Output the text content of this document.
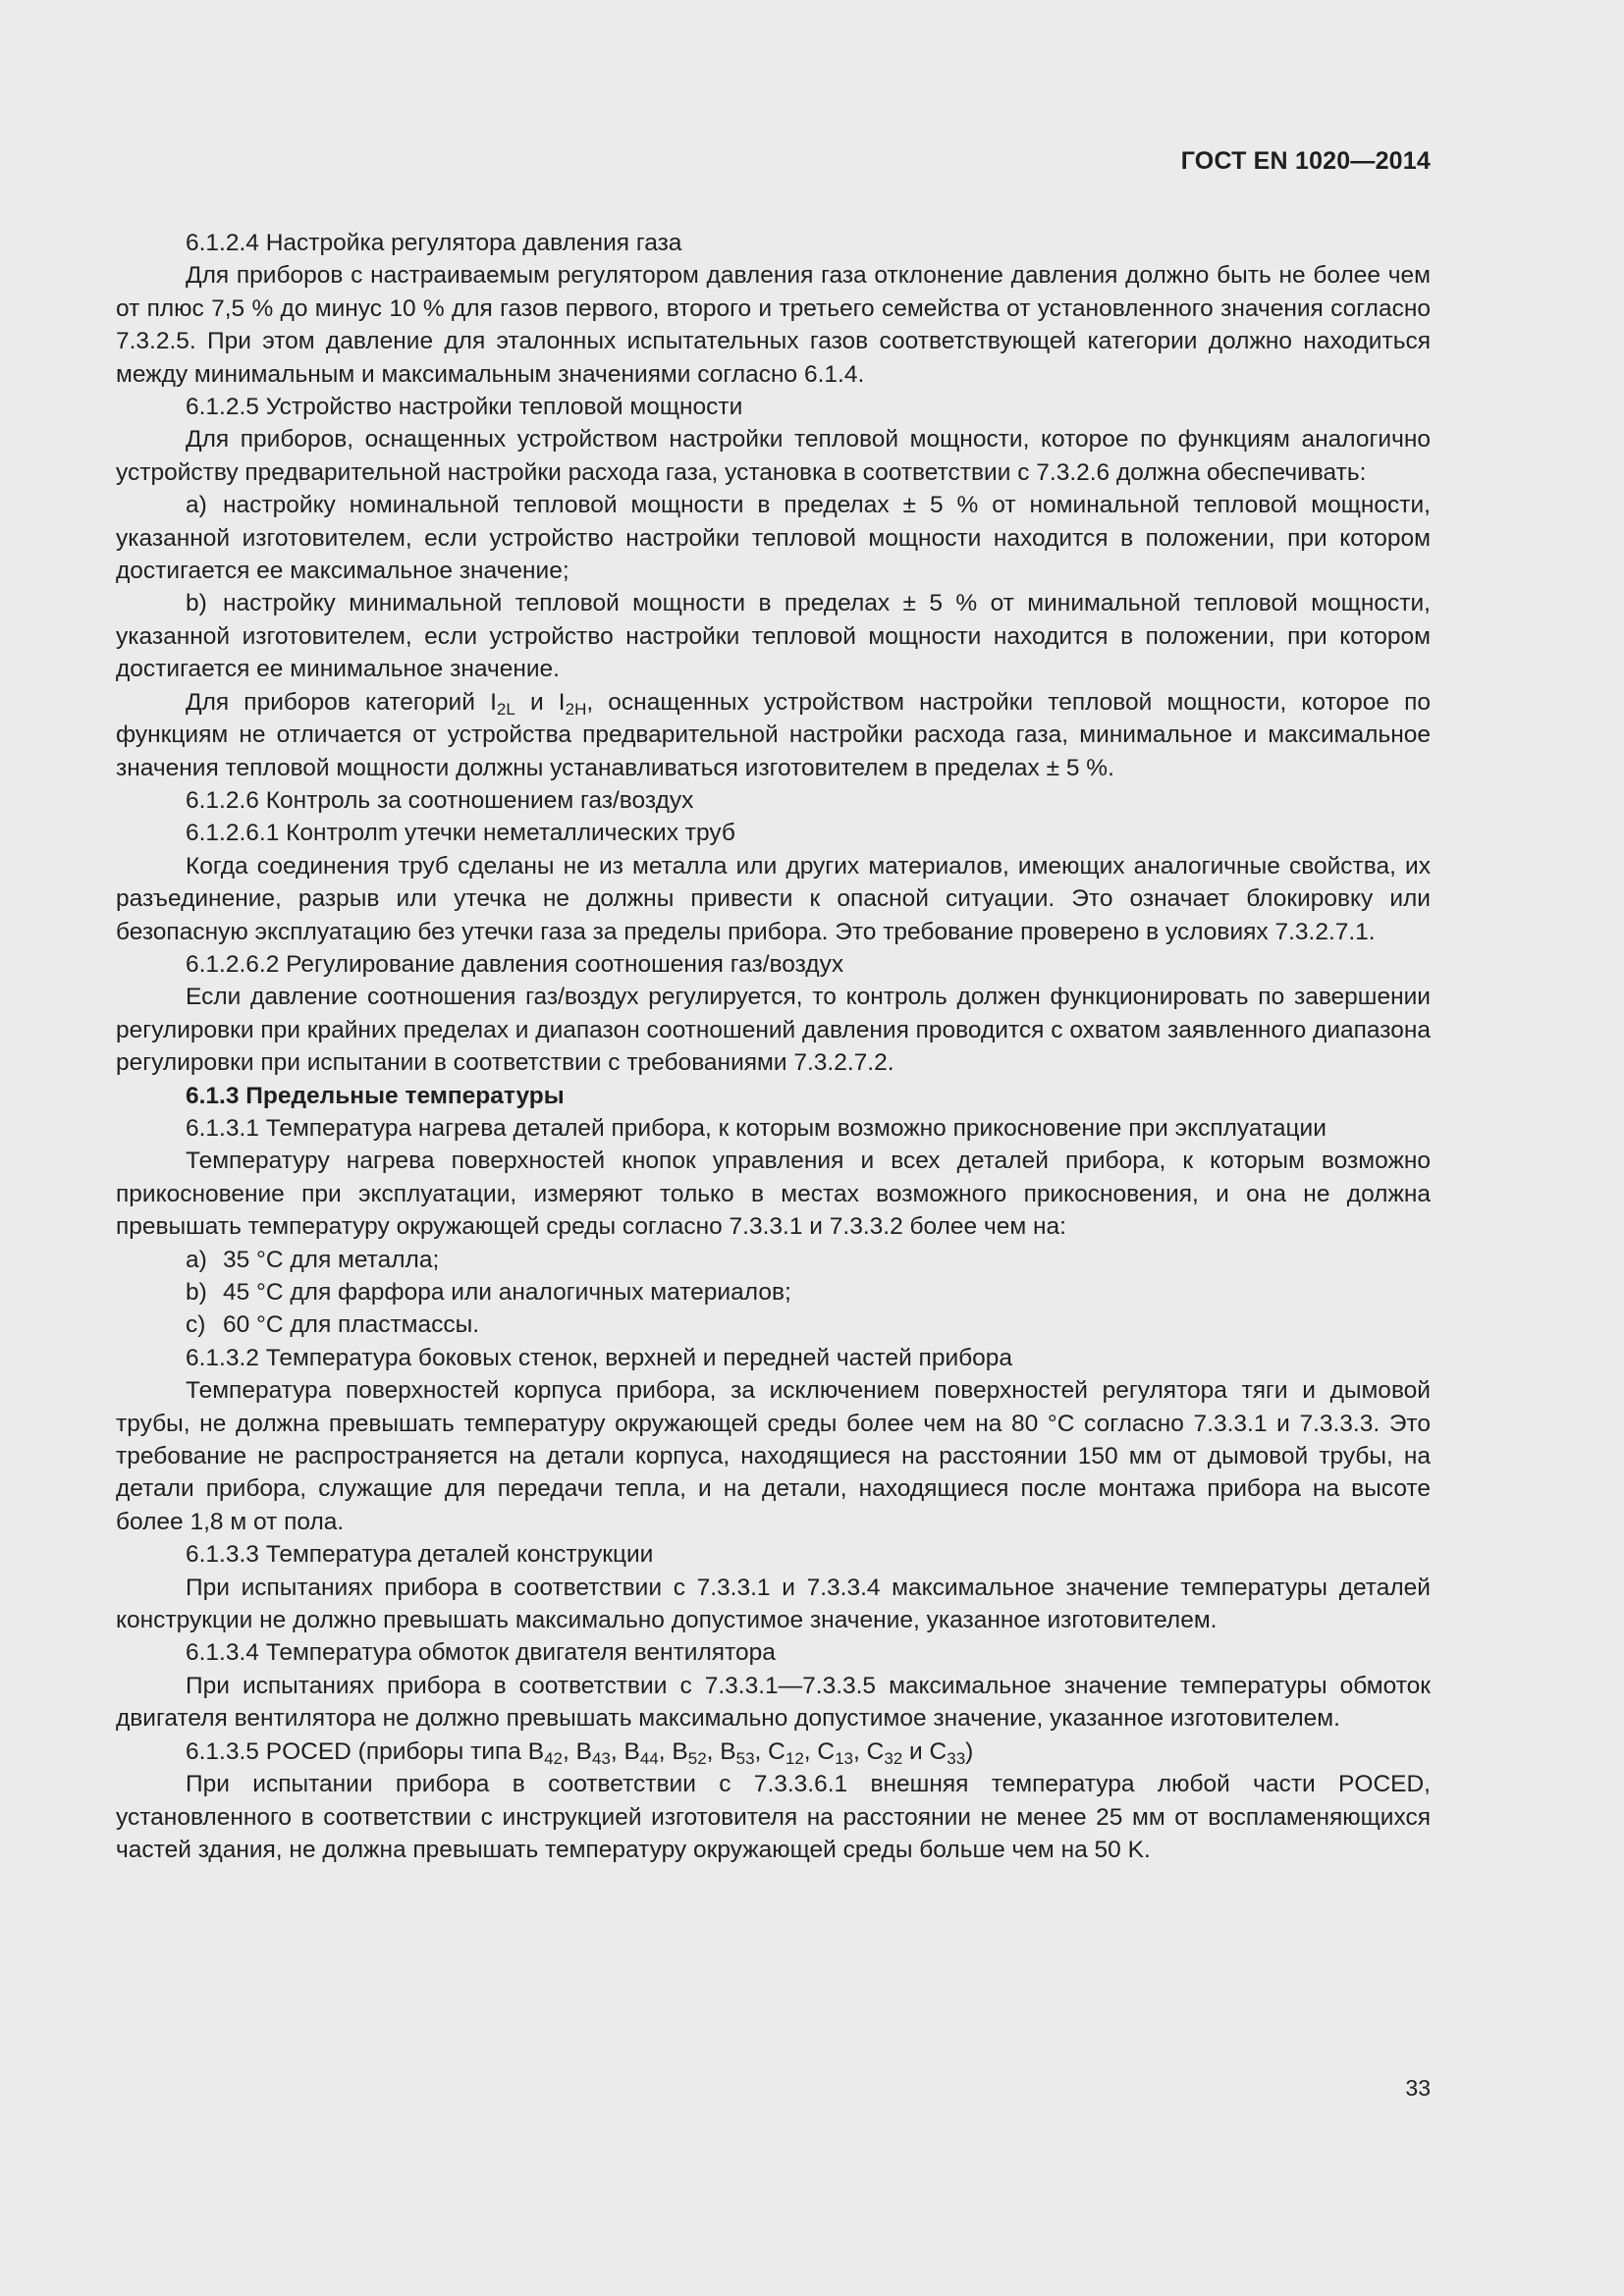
ГОСТ EN 1020—2014

6.1.2.4 Настройка регулятора давления газа

Для приборов с настраиваемым регулятором давления газа отклонение давления должно быть не более чем от плюс 7,5 % до минус 10 % для газов первого, второго и третьего семейства от установленного значения согласно 7.3.2.5. При этом давление для эталонных испытательных газов соответствующей категории должно находиться между минимальным и максимальным значениями согласно 6.1.4.

6.1.2.5 Устройство настройки тепловой мощности

Для приборов, оснащенных устройством настройки тепловой мощности, которое по функциям аналогично устройству предварительной настройки расхода газа, установка в соответствии с 7.3.2.6 должна обеспечивать:

a) настройку номинальной тепловой мощности в пределах ± 5 % от номинальной тепловой мощности, указанной изготовителем, если устройство настройки тепловой мощности находится в положении, при котором достигается ее максимальное значение;

b) настройку минимальной тепловой мощности в пределах ± 5 % от минимальной тепловой мощности, указанной изготовителем, если устройство настройки тепловой мощности находится в положении, при котором достигается ее минимальное значение.

Для приборов категорий $I_{2L}$ и $I_{2H}$, оснащенных устройством настройки тепловой мощности, которое по функциям не отличается от устройства предварительной настройки расхода газа, минимальное и максимальное значения тепловой мощности должны устанавливаться изготовителем в пределах ± 5 %.

6.1.2.6 Контроль за соотношением газ/воздух

6.1.2.6.1 Контролm утечки неметаллических труб

Когда соединения труб сделаны не из металла или других материалов, имеющих аналогичные свойства, их разъединение, разрыв или утечка не должны привести к опасной ситуации. Это означает блокировку или безопасную эксплуатацию без утечки газа за пределы прибора. Это требование проверено в условиях 7.3.2.7.1.

6.1.2.6.2 Регулирование давления соотношения газ/воздух

Если давление соотношения газ/воздух регулируется, то контроль должен функционировать по завершении регулировки при крайних пределах и диапазон соотношений давления проводится с охватом заявленного диапазона регулировки при испытании в соответствии с требованиями 7.3.2.7.2.

6.1.3 Предельные температуры

6.1.3.1 Температура нагрева деталей прибора, к которым возможно прикосновение при эксплуатации

Температуру нагрева поверхностей кнопок управления и всех деталей прибора, к которым возможно прикосновение при эксплуатации, измеряют только в местах возможного прикосновения, и она не должна превышать температуру окружающей среды согласно 7.3.3.1 и 7.3.3.2 более чем на:

a) 35 °С для металла;

b) 45 °С для фарфора или аналогичных материалов;

c) 60 °С для пластмассы.

6.1.3.2 Температура боковых стенок, верхней и передней частей прибора

Температура поверхностей корпуса прибора, за исключением поверхностей регулятора тяги и дымовой трубы, не должна превышать температуру окружающей среды более чем на 80 °С согласно 7.3.3.1 и 7.3.3.3. Это требование не распространяется на детали корпуса, находящиеся на расстоянии 150 мм от дымовой трубы, на детали прибора, служащие для передачи тепла, и на детали, находящиеся после монтажа прибора на высоте более 1,8 м от пола.

6.1.3.3 Температура деталей конструкции

При испытаниях прибора в соответствии с 7.3.3.1 и 7.3.3.4 максимальное значение температуры деталей конструкции не должно превышать максимально допустимое значение, указанное изготовителем.

6.1.3.4 Температура обмоток двигателя вентилятора

При испытаниях прибора в соответствии с 7.3.3.1—7.3.3.5 максимальное значение температуры обмоток двигателя вентилятора не должно превышать максимально допустимое значение, указанное изготовителем.

6.1.3.5 POCED (приборы типа $B_{42}$, $B_{43}$, $B_{44}$, $B_{52}$, $B_{53}$, $C_{12}$, $C_{13}$, $C_{32}$ и $C_{33}$)

При испытании прибора в соответствии с 7.3.3.6.1 внешняя температура любой части POCED, установленного в соответствии с инструкцией изготовителя на расстоянии не менее 25 мм от воспламеняющихся частей здания, не должна превышать температуру окружающей среды больше чем на 50 K.

33
